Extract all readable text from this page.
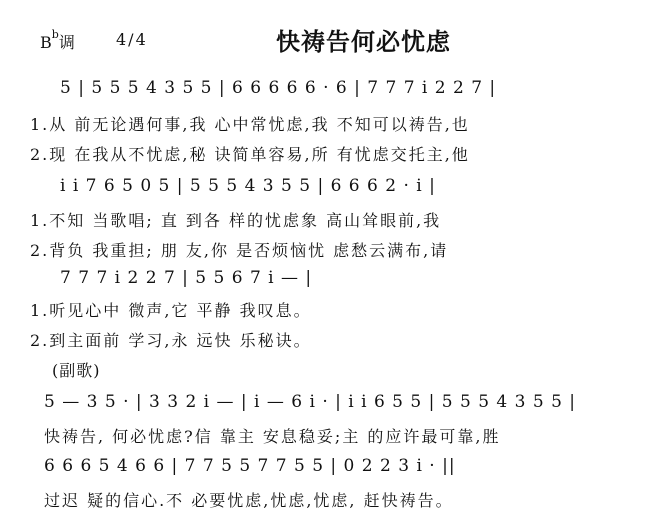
$B^b$调	4/4	快祷告何必忧虑
5 | 5 5 5 4 3 5 5 | 6 6 6 6 6 · 6 | 7 7 7 i 2 2 7 |
1.从 前无论遇何事,我 心中常忧虑,我 不知可以祷告,也
2.现 在我从不忧虑,秘 诀简单容易,所 有忧虑交托主,他
i i 7 6 5 0 5 | 5 5 5 4 3 5 5 | 6 6 6 2 · i |
1.不知 当歌唱; 直 到各 样的忧虑象 高山耸眼前,我
2.背负 我重担; 朋 友,你 是否烦恼忧 虑愁云满布,请
7 7 7 i 2 2 7 | 5 5 6 7 i — |
1.听见心中 微声,它 平静 我叹息。
2.到主面前 学习,永 远快 乐秘诀。
(副歌)
5 — 3 5 · | 3 3 2 i — | i — 6 i · | i i 6 5 5 | 5 5 5 4 3 5 5 |
快祷告, 何必忧虑?信 靠主 安息稳妥;主 的应许最可靠,胜
6 6 6 5 4 6 6 | 7 7 5 5 7 7 5 5 | 0 2 2 3 i · ||
过迟 疑的信心.不 必要忧虑,忧虑,忧虑, 赶快祷告。
